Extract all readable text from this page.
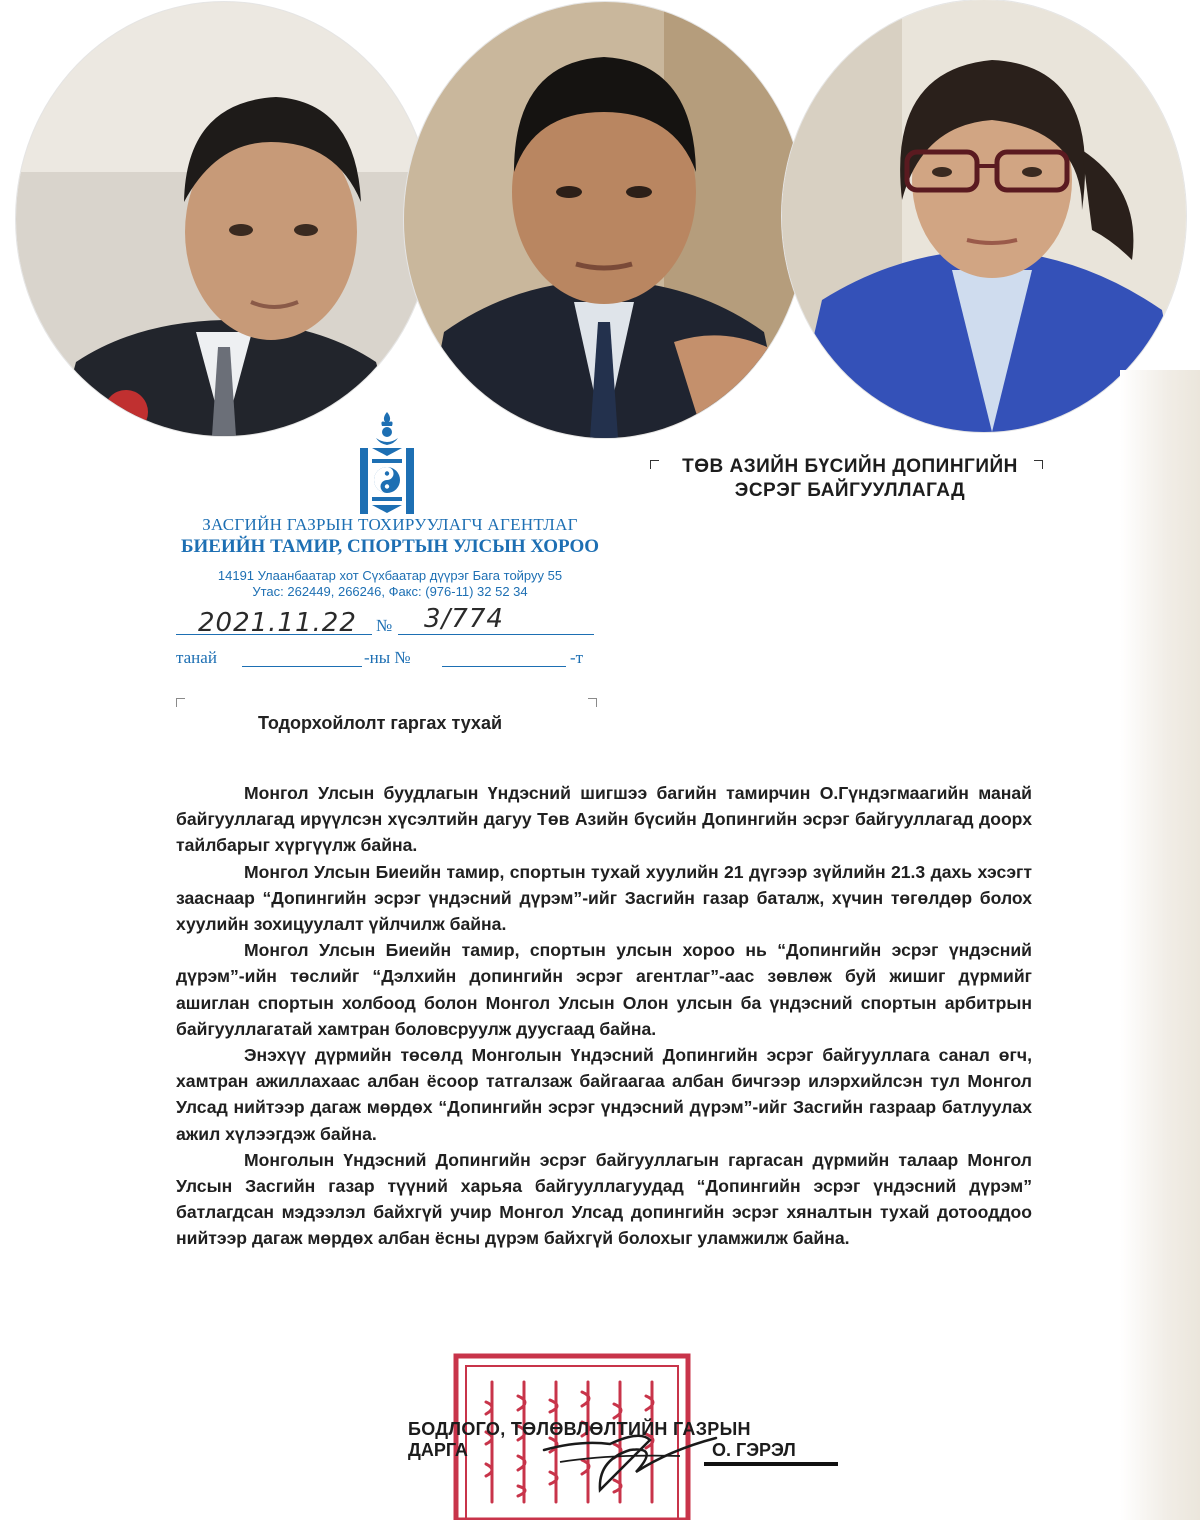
ЗАСГИЙН ГАЗРЫН ТОХИРУУЛАГЧ АГЕНТЛАГ
БИЕИЙН ТАМИР, СПОРТЫН УЛСЫН ХОРОО
14191 Улаанбаатар хот Сүхбаатар дүүрэг Бага тойруу 55
Утас: 262449, 266246, Факс: (976-11) 32 52 34
2021.11.22 № 3/774
танай	-ны №	-т
ТӨВ АЗИЙН БҮСИЙН ДОПИНГИЙН
ЭСРЭГ БАЙГУУЛЛАГАД
Тодорхойлолт гаргах тухай

Монгол Улсын буудлагын Үндэсний шигшээ багийн тамирчин О.Гүндэгмаагийн манай байгууллагад ирүүлсэн хүсэлтийн дагуу Төв Азийн бүсийн Допингийн эсрэг байгууллагад доорх тайлбарыг хүргүүлж байна.

Монгол Улсын Биеийн тамир, спортын тухай хуулийн 21 дүгээр зүйлийн 21.3 дахь хэсэгт зааснаар “Допингийн эсрэг үндэсний дүрэм”-ийг Засгийн газар баталж, хүчин төгөлдөр болох хуулийн зохицуулалт үйлчилж байна.

Монгол Улсын Биеийн тамир, спортын улсын хороо нь “Допингийн эсрэг үндэсний дүрэм”-ийн төслийг “Дэлхийн допингийн эсрэг агентлаг”-аас зөвлөж буй жишиг дүрмийг ашиглан спортын холбоод болон Монгол Улсын Олон улсын ба үндэсний спортын арбитрын байгууллагатай хамтран боловсруулж дуусгаад байна.

Энэхүү дүрмийн төсөлд Монголын Үндэсний Допингийн эсрэг байгууллага санал өгч, хамтран ажиллахаас албан ёсоор татгалзаж байгаагаа албан бичгээр илэрхийлсэн тул Монгол Улсад нийтээр дагаж мөрдөх “Допингийн эсрэг үндэсний дүрэм”-ийг Засгийн газраар батлуулах ажил хүлээгдэж байна.

Монголын Үндэсний Допингийн эсрэг байгууллагын гаргасан дүрмийн талаар Монгол Улсын Засгийн газар түүний харьяа байгууллагуудад “Допингийн эсрэг үндэсний дүрэм” батлагдсан мэдээлэл байхгүй учир Монгол Улсад допингийн эсрэг хяналтын тухай дотооддоо нийтээр дагаж мөрдөх албан ёсны дүрэм байхгүй болохыг уламжилж байна.

БОДЛОГО, ТӨЛӨВЛӨЛТИЙН ГАЗРЫН
ДАРГА	О. ГЭРЭЛ
